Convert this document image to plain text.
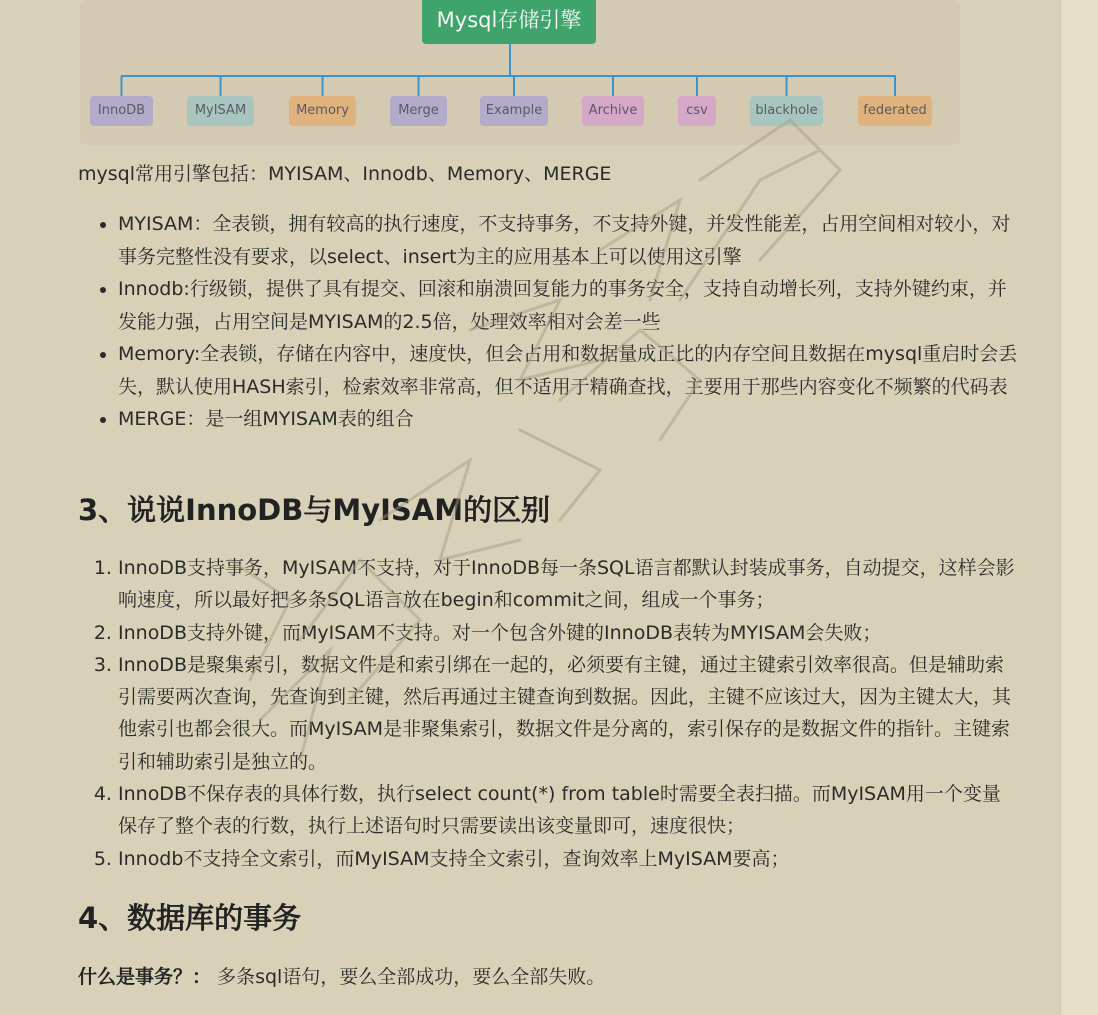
Mysql存储引擎
InnoDB	MyISAM	Memory	Merge	Example	Archive	csv	blackhole	federated

mysql常用引擎包括：MYISAM、Innodb、Memory、MERGE

• MYISAM：全表锁，拥有较高的执行速度，不支持事务，不支持外键，并发性能差，占用空间相对较小，对事务完整性没有要求，以select、insert为主的应用基本上可以使用这引擎
• Innodb:行级锁，提供了具有提交、回滚和崩溃回复能力的事务安全，支持自动增长列，支持外键约束，并发能力强，占用空间是MYISAM的2.5倍，处理效率相对会差一些
• Memory:全表锁，存储在内容中，速度快，但会占用和数据量成正比的内存空间且数据在mysql重启时会丢失，默认使用HASH索引，检索效率非常高，但不适用于精确查找，主要用于那些内容变化不频繁的代码表
• MERGE：是一组MYISAM表的组合
3、说说InnoDB与MyISAM的区别
1. InnoDB支持事务，MyISAM不支持，对于InnoDB每一条SQL语言都默认封装成事务，自动提交，这样会影响速度，所以最好把多条SQL语言放在begin和commit之间，组成一个事务；
2. InnoDB支持外键，而MyISAM不支持。对一个包含外键的InnoDB表转为MYISAM会失败；
3. InnoDB是聚集索引，数据文件是和索引绑在一起的，必须要有主键，通过主键索引效率很高。但是辅助索引需要两次查询，先查询到主键，然后再通过主键查询到数据。因此，主键不应该过大，因为主键太大，其他索引也都会很大。而MyISAM是非聚集索引，数据文件是分离的，索引保存的是数据文件的指针。主键索引和辅助索引是独立的。
4. InnoDB不保存表的具体行数，执行select count(*) from table时需要全表扫描。而MyISAM用一个变量保存了整个表的行数，执行上述语句时只需要读出该变量即可，速度很快；
5. Innodb不支持全文索引，而MyISAM支持全文索引，查询效率上MyISAM要高；
4、数据库的事务

什么是事务？： 多条sql语句，要么全部成功，要么全部失败。
